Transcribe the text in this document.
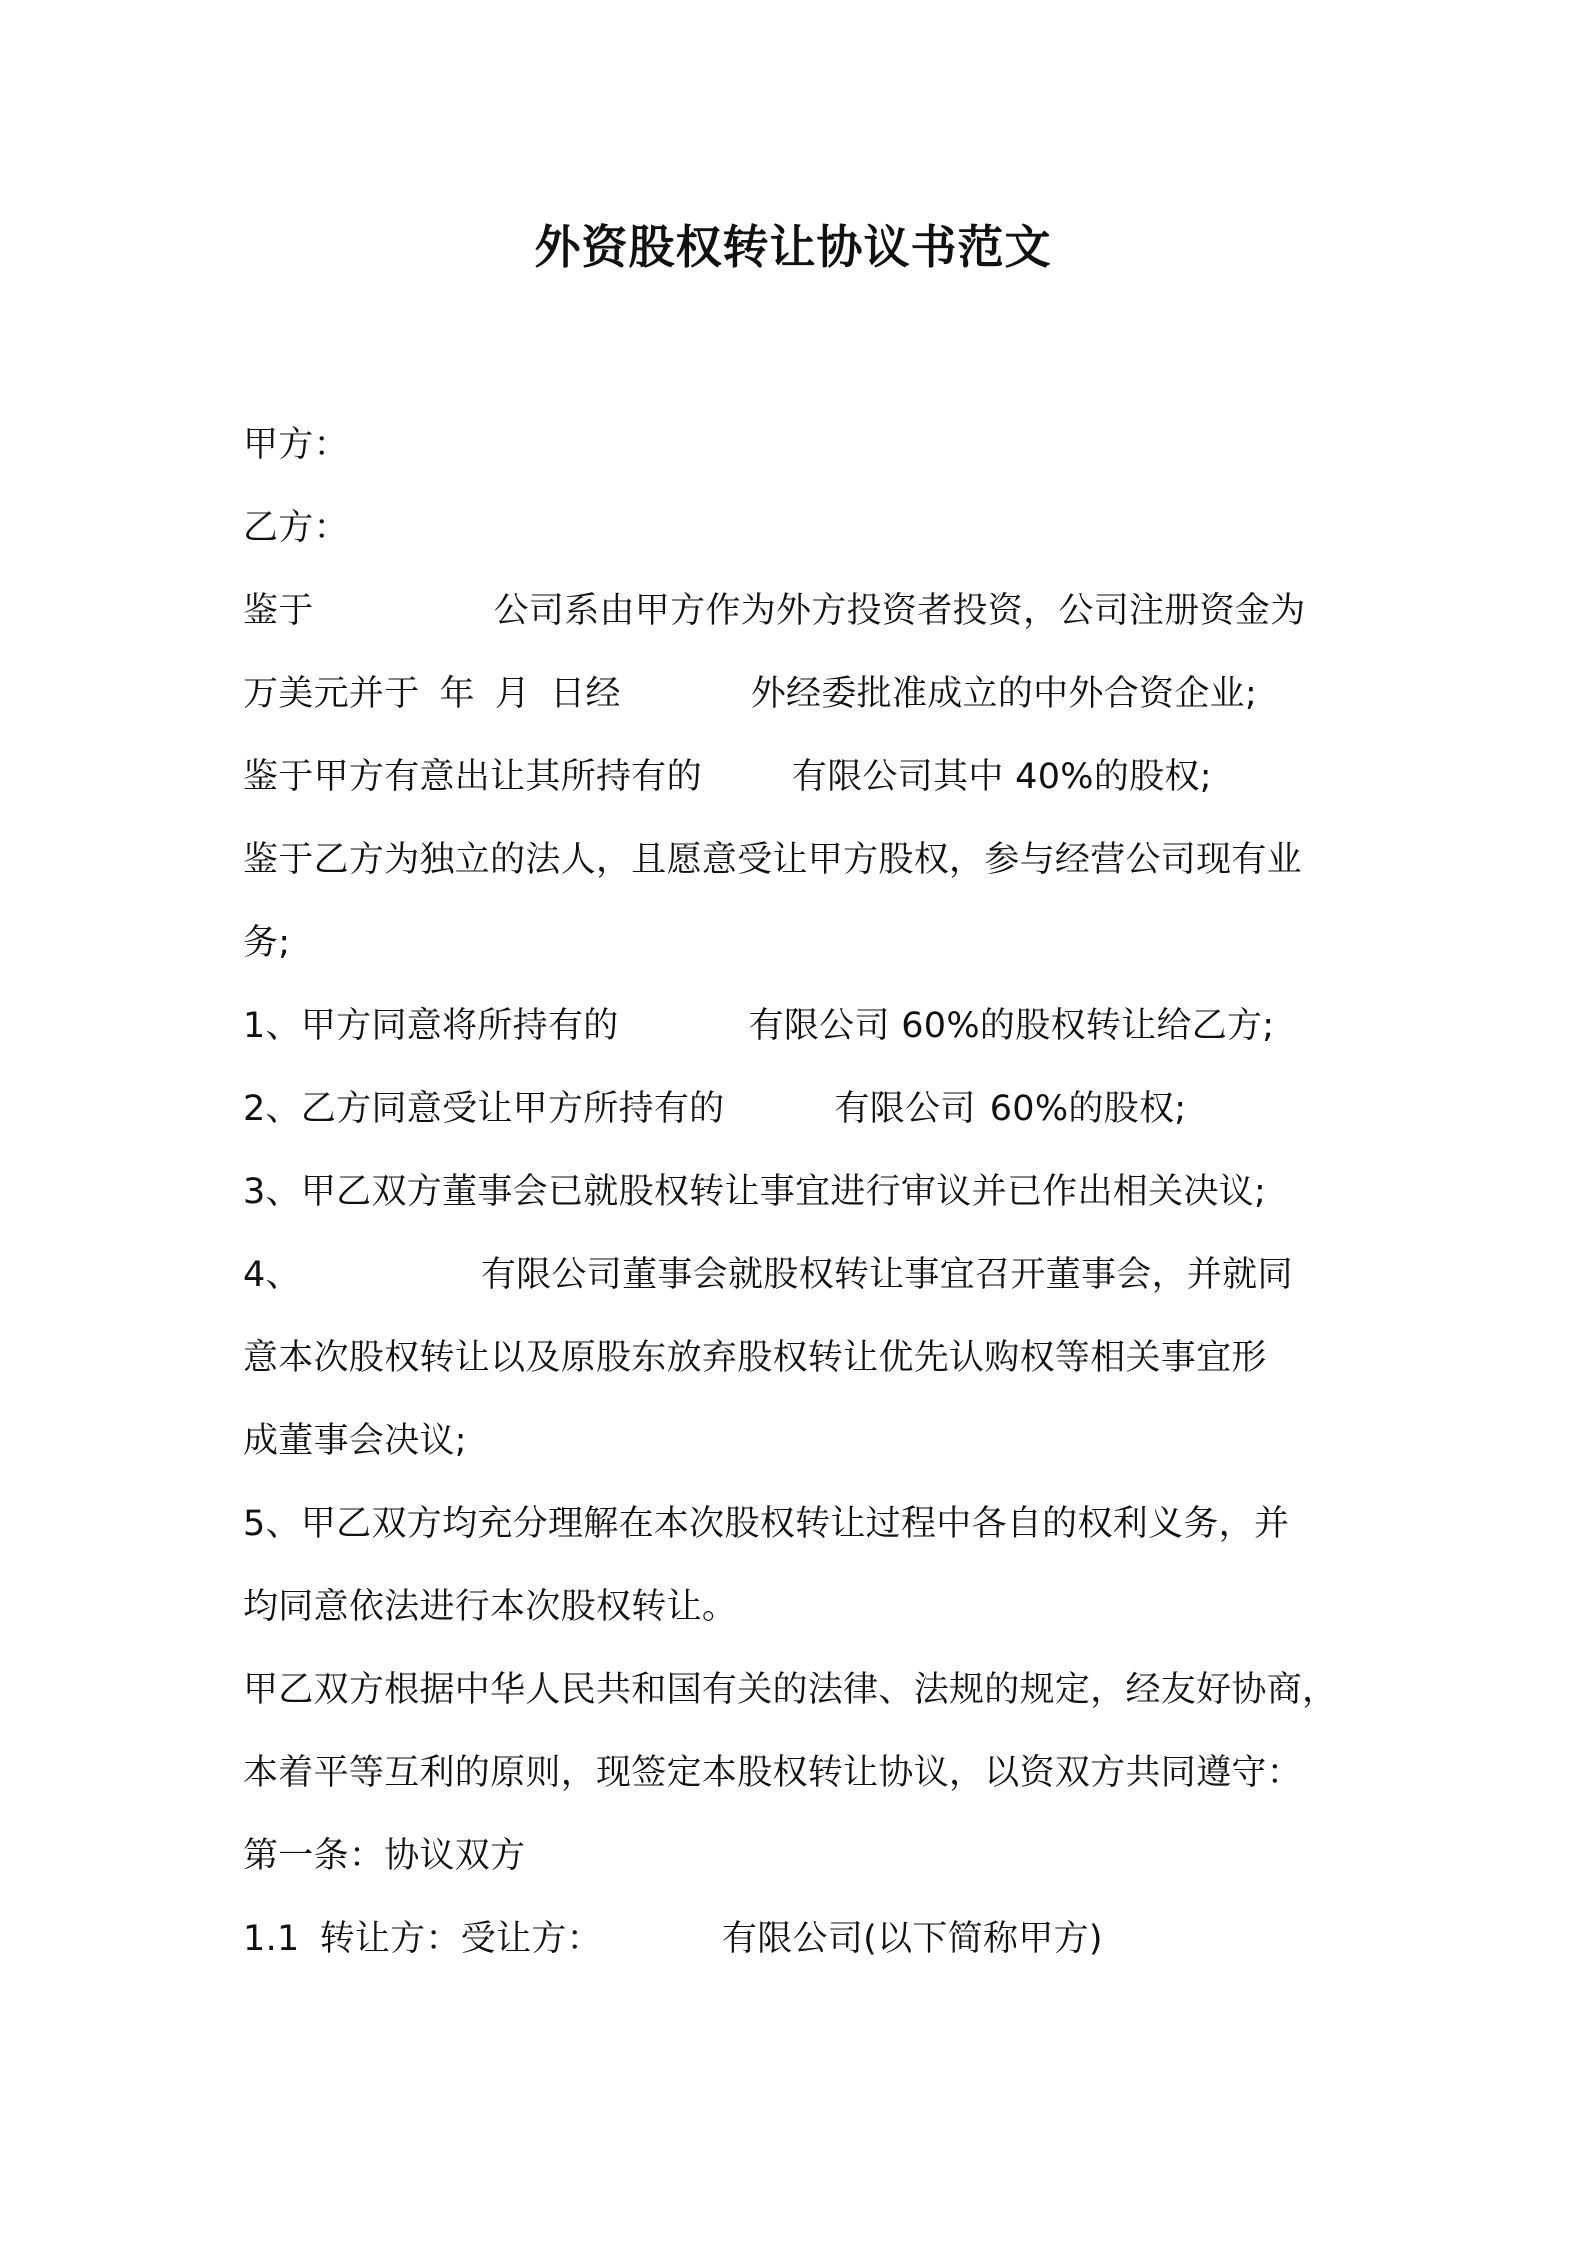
外资股权转让协议书范文
甲方：
乙方：
鉴于	公司系由甲方作为外方投资者投资，公司注册资金为
万美元并于 年 月 日经	外经委批准成立的中外合资企业;
鉴于甲方有意出让其所持有的	有限公司其中 40%的股权;
鉴于乙方为独立的法人，且愿意受让甲方股权，参与经营公司现有业
务;
1、甲方同意将所持有的	有限公司 60%的股权转让给乙方;
2、乙方同意受让甲方所持有的	有限公司 60%的股权;
3、甲乙双方董事会已就股权转让事宜进行审议并已作出相关决议;
4、	有限公司董事会就股权转让事宜召开董事会，并就同
意本次股权转让以及原股东放弃股权转让优先认购权等相关事宜形
成董事会决议;
5、甲乙双方均充分理解在本次股权转让过程中各自的权利义务，并
均同意依法进行本次股权转让。
甲乙双方根据中华人民共和国有关的法律、法规的规定，经友好协商，
本着平等互利的原则，现签定本股权转让协议，以资双方共同遵守：
第一条：协议双方
1.1 转让方：受让方：	有限公司(以下简称甲方)
